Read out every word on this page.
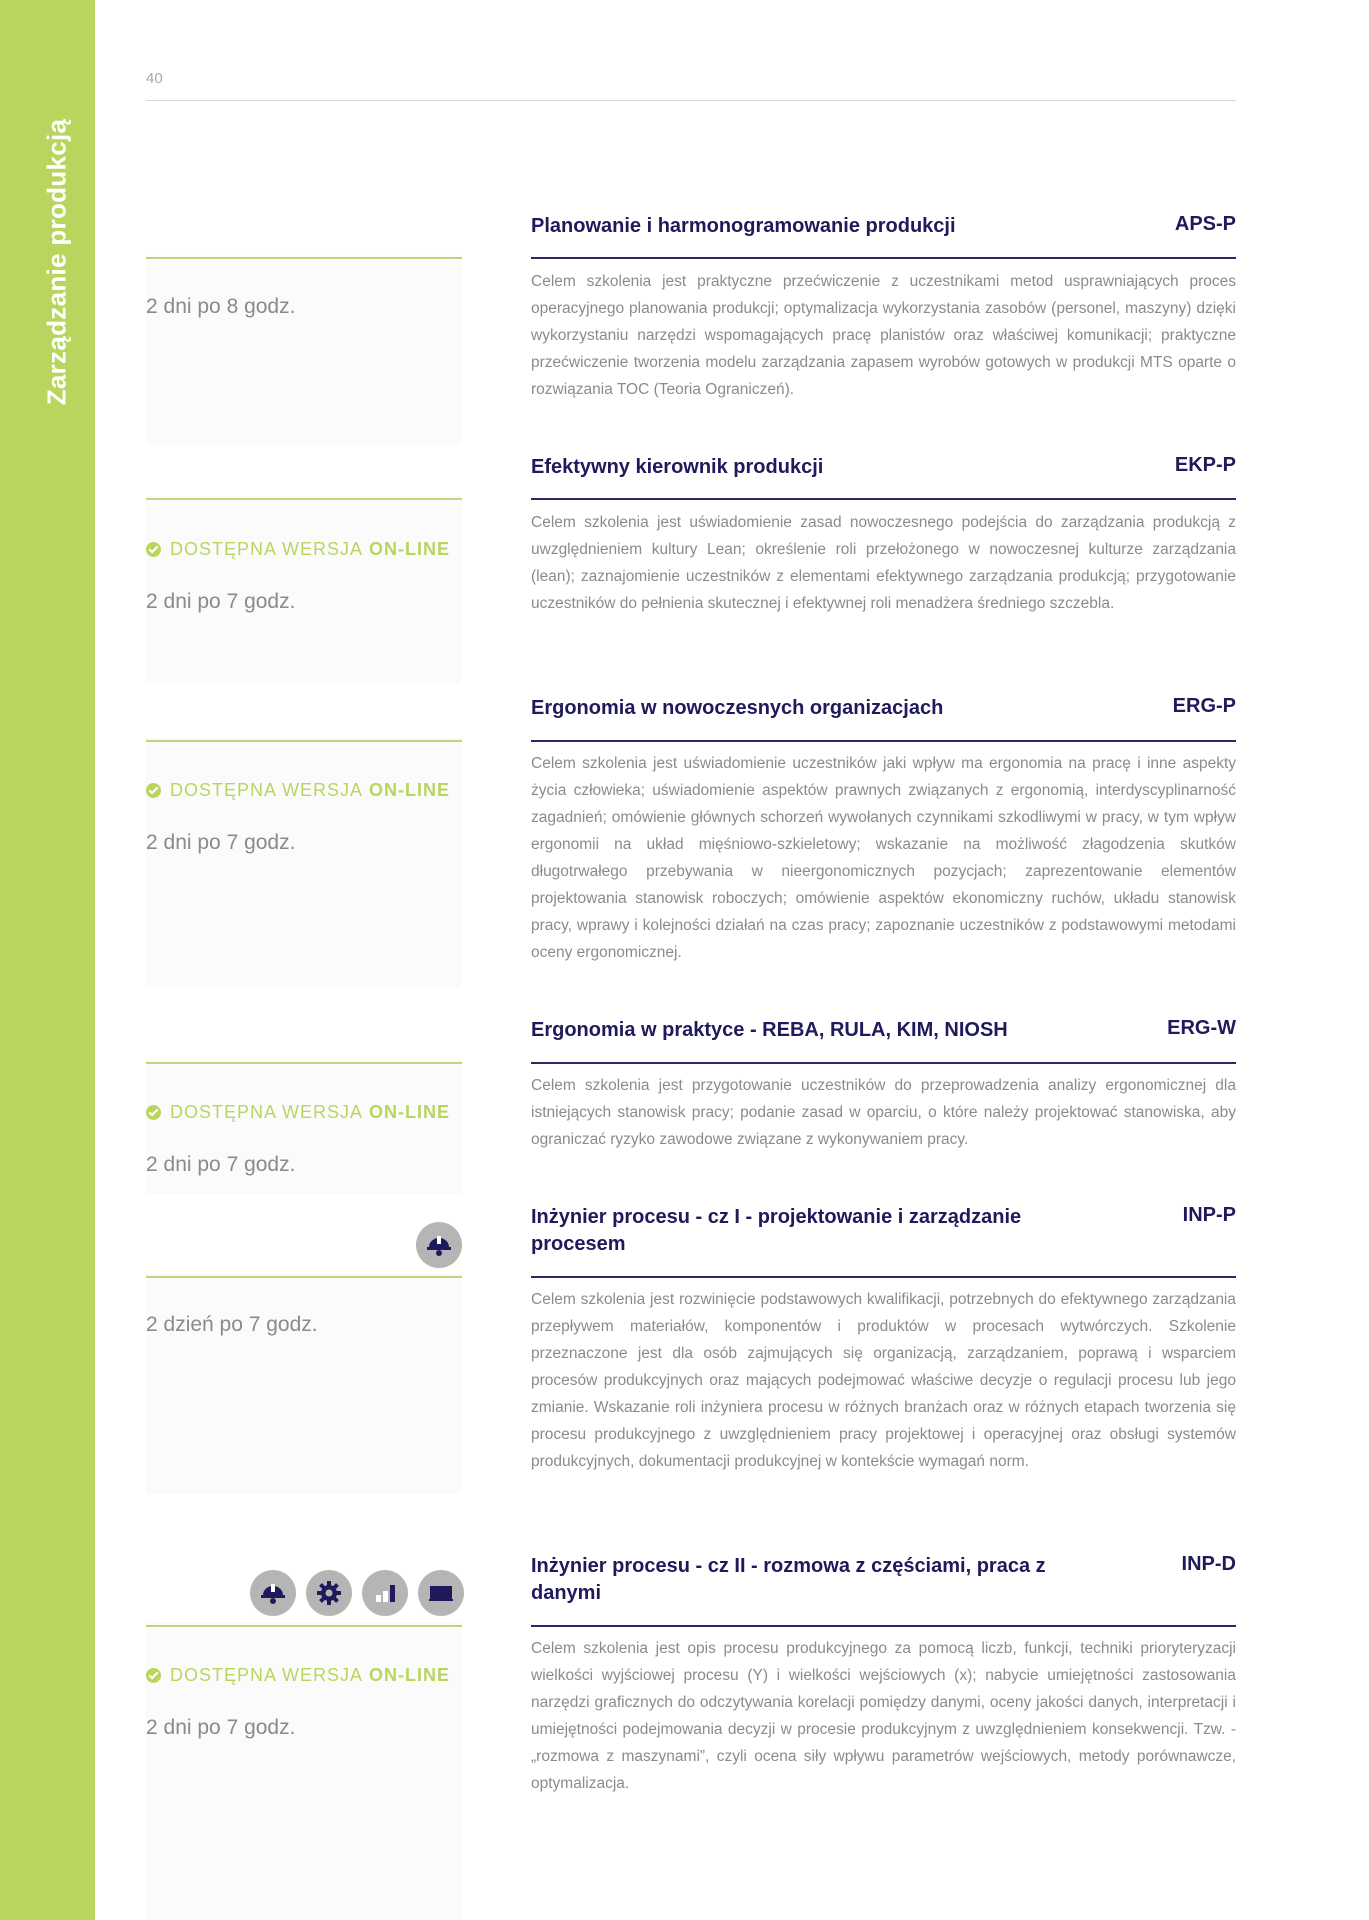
Zarządzanie produkcją
40
Planowanie i harmonogramowanie produkcji	APS-P
2 dni po 8 godz.

Celem szkolenia jest praktyczne przećwiczenie z uczestnikami metod usprawniających proces operacyjnego planowania produkcji; optymalizacja wykorzystania zasobów (personel, maszyny) dzięki wykorzystaniu narzędzi wspomagających pracę planistów oraz właściwej komunikacji; praktyczne przećwiczenie tworzenia modelu zarządzania zapasem wyrobów gotowych w produkcji MTS oparte o rozwiązania TOC (Teoria Ograniczeń).

Efektywny kierownik produkcji	EKP-P
DOSTĘPNA WERSJA ON-LINE
2 dni po 7 godz.

Celem szkolenia jest uświadomienie zasad nowoczesnego podejścia do zarządzania produkcją z uwzględnieniem kultury Lean; określenie roli przełożonego w nowoczesnej kulturze zarządzania (lean); zaznajomienie uczestników z elementami efektywnego zarządzania produkcją; przygotowanie uczestników do pełnienia skutecznej i efektywnej roli menadżera średniego szczebla.

Ergonomia w nowoczesnych organizacjach	ERG-P
DOSTĘPNA WERSJA ON-LINE
2 dni po 7 godz.

Celem szkolenia jest uświadomienie uczestników jaki wpływ ma ergonomia na pracę i inne aspekty życia człowieka; uświadomienie aspektów prawnych związanych z ergonomią, interdyscyplinarność zagadnień; omówienie głównych schorzeń wywołanych czynnikami szkodliwymi w pracy, w tym wpływ ergonomii na układ mięśniowo-szkieletowy; wskazanie na możliwość złagodzenia skutków długotrwałego przebywania w nieergonomicznych pozycjach; zaprezentowanie elementów projektowania stanowisk roboczych; omówienie aspektów ekonomiczny ruchów, układu stanowisk pracy, wprawy i kolejności działań na czas pracy; zapoznanie uczestników z podstawowymi metodami oceny ergonomicznej.

Ergonomia w praktyce - REBA, RULA, KIM, NIOSH	ERG-W
DOSTĘPNA WERSJA ON-LINE
2 dni po 7 godz.

Celem szkolenia jest przygotowanie uczestników do przeprowadzenia analizy ergonomicznej dla istniejących stanowisk pracy; podanie zasad w oparciu, o które należy projektować stanowiska, aby ograniczać ryzyko zawodowe związane z wykonywaniem pracy.

Inżynier procesu - cz I - projektowanie i zarządzanie procesem
INP-P
2 dzień po 7 godz.

Celem szkolenia jest rozwinięcie podstawowych kwalifikacji, potrzebnych do efektywnego zarządzania przepływem materiałów, komponentów i produktów w procesach wytwórczych. Szkolenie przeznaczone jest dla osób zajmujących się organizacją, zarządzaniem, poprawą i wsparciem procesów produkcyjnych oraz mających podejmować właściwe decyzje o regulacji procesu lub jego zmianie. Wskazanie roli inżyniera procesu w różnych branżach oraz w różnych etapach tworzenia się procesu produkcyjnego z uwzględnieniem pracy projektowej i operacyjnej oraz obsługi systemów produkcyjnych, dokumentacji produkcyjnej w kontekście wymagań norm.

Inżynier procesu - cz II - rozmowa z częściami, praca z danymi
INP-D
DOSTĘPNA WERSJA ON-LINE
2 dni po 7 godz.

Celem szkolenia jest opis procesu produkcyjnego za pomocą liczb, funkcji, techniki prioryteryzacji wielkości wyjściowej procesu (Y) i wielkości wejściowych (x); nabycie umiejętności zastosowania narzędzi graficznych do odczytywania korelacji pomiędzy danymi, oceny jakości danych, interpretacji i umiejętności podejmowania decyzji w procesie produkcyjnym z uwzględnieniem konsekwencji. Tzw. - „rozmowa z maszynami”, czyli ocena siły wpływu parametrów wejściowych, metody porównawcze, optymalizacja.
